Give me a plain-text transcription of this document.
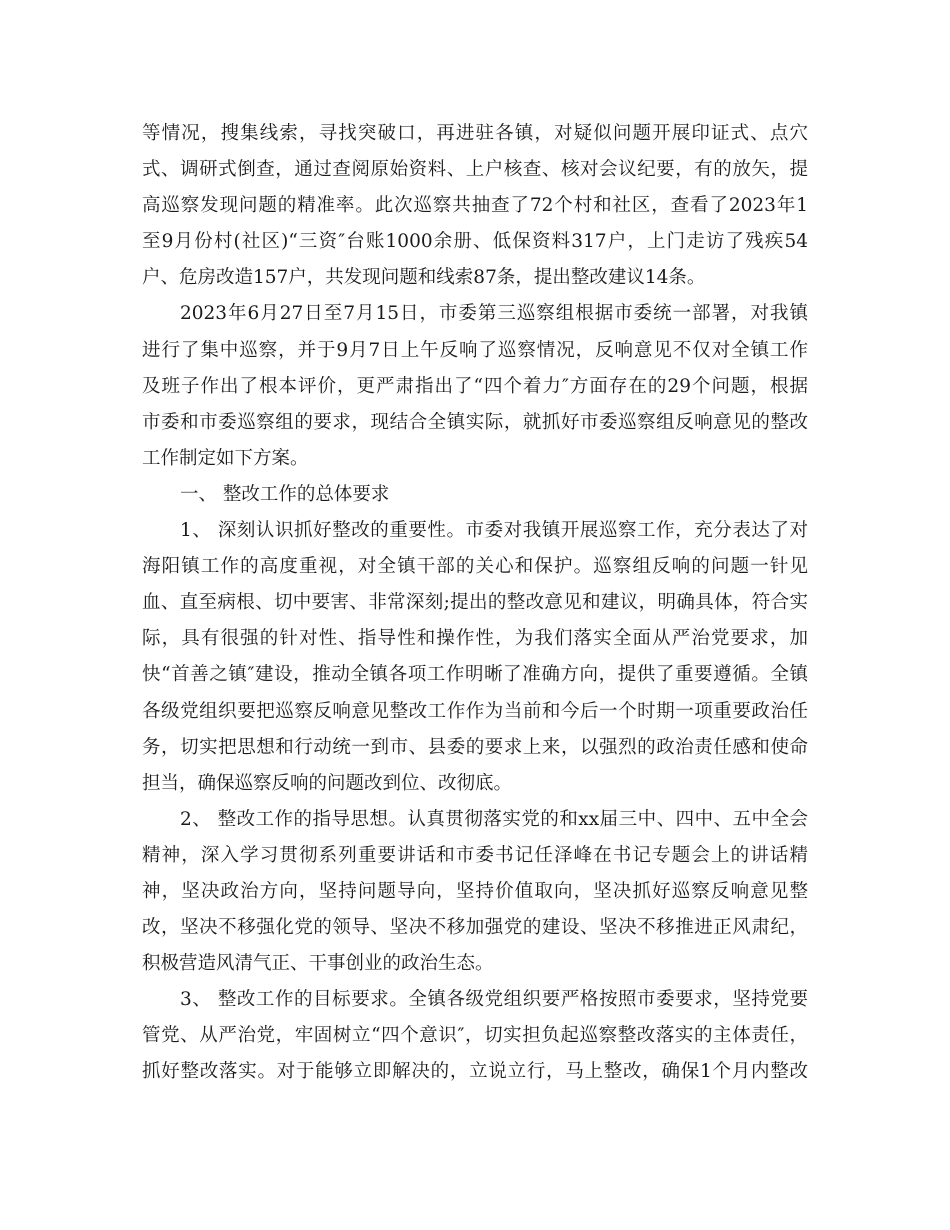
等情况，搜集线索，寻找突破口，再进驻各镇，对疑似问题开展印证式、点穴
式、调研式倒查，通过查阅原始资料、上户核查、核对会议纪要，有的放矢，提
高巡察发现问题的精准率。此次巡察共抽查了72个村和社区，查看了2023年1
至9月份村(社区)“三资″台账1000余册、低保资料317户，上门走访了残疾54
户、危房改造157户，共发现问题和线索87条，提出整改建议14条。
2023年6月27日至7月15日，市委第三巡察组根据市委统一部署，对我镇
进行了集中巡察，并于9月7日上午反响了巡察情况，反响意见不仅对全镇工作
及班子作出了根本评价，更严肃指出了“四个着力″方面存在的29个问题，根据
市委和市委巡察组的要求，现结合全镇实际，就抓好市委巡察组反响意见的整改
工作制定如下方案。
一、 整改工作的总体要求
1、 深刻认识抓好整改的重要性。市委对我镇开展巡察工作，充分表达了对
海阳镇工作的高度重视，对全镇干部的关心和保护。巡察组反响的问题一针见
血、直至病根、切中要害、非常深刻;提出的整改意见和建议，明确具体，符合实
际，具有很强的针对性、指导性和操作性，为我们落实全面从严治党要求，加
快“首善之镇″建设，推动全镇各项工作明晰了准确方向，提供了重要遵循。全镇
各级党组织要把巡察反响意见整改工作作为当前和今后一个时期一项重要政治任
务，切实把思想和行动统一到市、县委的要求上来，以强烈的政治责任感和使命
担当，确保巡察反响的问题改到位、改彻底。
2、 整改工作的指导思想。认真贯彻落实党的和xx届三中、四中、五中全会
精神，深入学习贯彻系列重要讲话和市委书记任泽峰在书记专题会上的讲话精
神，坚决政治方向，坚持问题导向，坚持价值取向，坚决抓好巡察反响意见整
改，坚决不移强化党的领导、坚决不移加强党的建设、坚决不移推进正风肃纪，
积极营造风清气正、干事创业的政治生态。
3、 整改工作的目标要求。全镇各级党组织要严格按照市委要求，坚持党要
管党、从严治党，牢固树立“四个意识″，切实担负起巡察整改落实的主体责任，
抓好整改落实。对于能够立即解决的，立说立行，马上整改，确保1个月内整改
